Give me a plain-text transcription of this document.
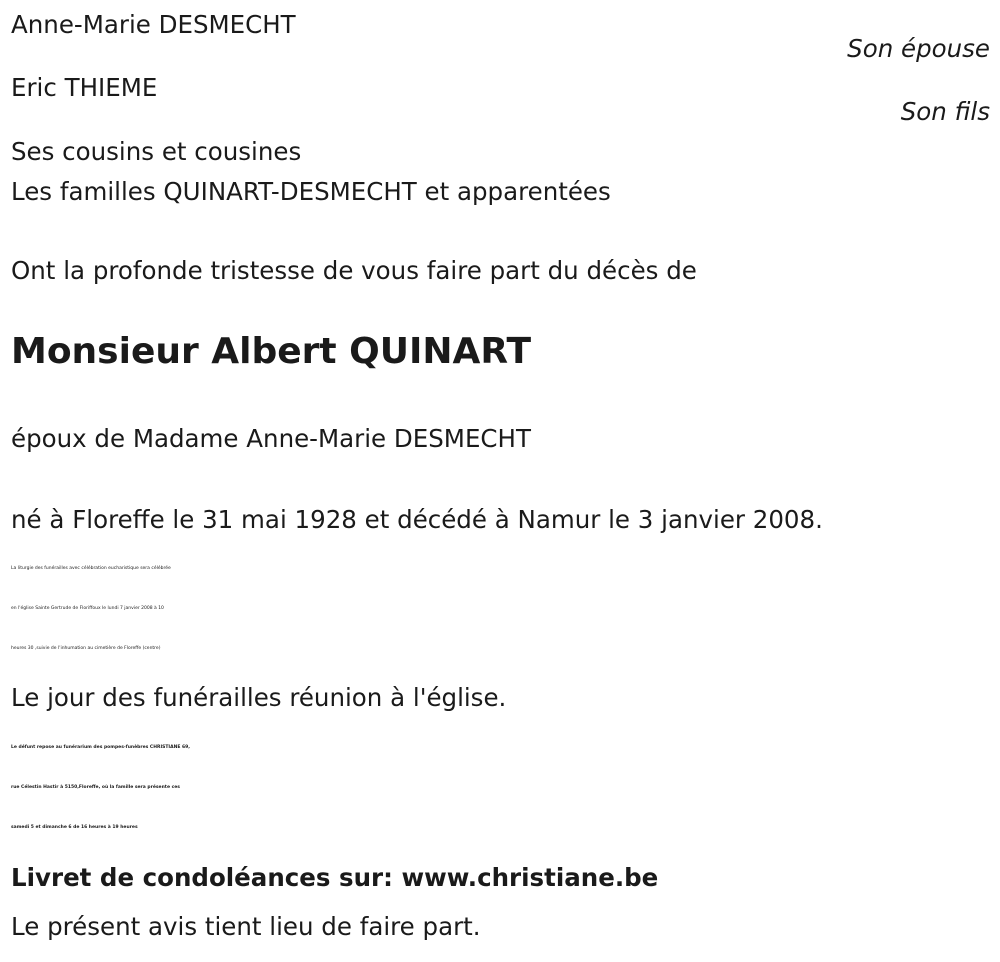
Anne-Marie DESMECHT
Son épouse
Eric THIEME
Son fils
Ses cousins et cousines
Les familles QUINART-DESMECHT et apparentées
Ont la profonde tristesse de vous faire part du décès de
Monsieur Albert QUINART
époux de Madame Anne-Marie DESMECHT
né à Floreffe le 31 mai 1928 et décédé à Namur le 3 janvier 2008.
La liturgie des funérailles avec célébration eucharistique sera célébrée
en l'église Sainte Gertrude de Floriffoux le lundi 7 janvier 2008 à 10
heures 30 ,suivie de l'inhumation au cimetière de Floreffe (centre)
Le jour des funérailles réunion à l'église.
Le défunt repose au funérarium des pompes-funèbres CHRISTIANE 69,
rue Célestin Hastir à 5150,Floreffe, où la famille sera présente ces
samedi 5 et dimanche 6 de 16 heures à 19 heures
Livret de condoléances sur: www.christiane.be
Le présent avis tient lieu de faire part.
